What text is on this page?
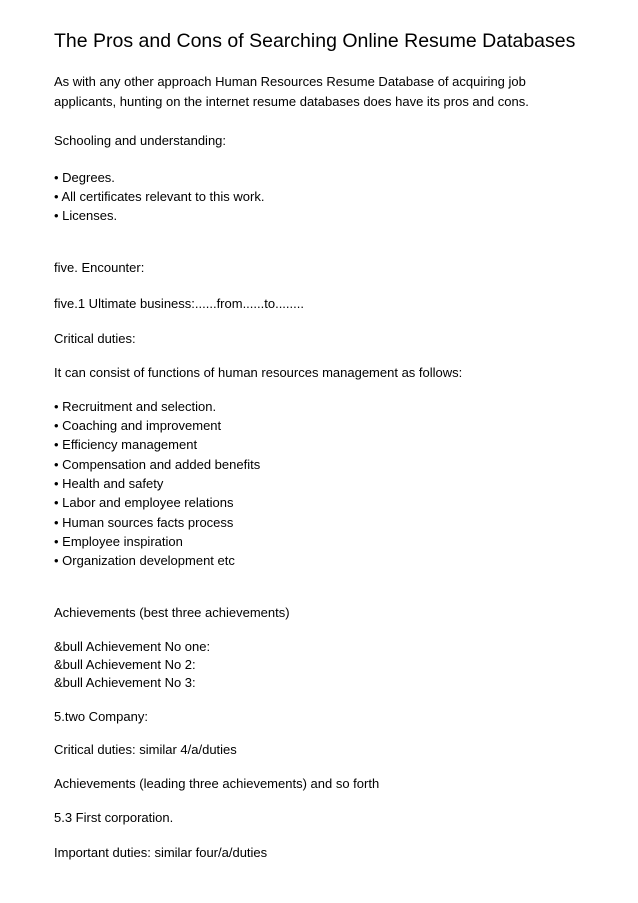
The Pros and Cons of Searching Online Resume Databases

As with any other approach Human Resources Resume Database of acquiring job

applicants, hunting on the internet resume databases does have its pros and cons.

Schooling and understanding:

• Degrees.

• All certificates relevant to this work.

• Licenses.

five. Encounter:

five.1 Ultimate business:......from......to........

Critical duties:

It can consist of functions of human resources management as follows:

• Recruitment and selection.

• Coaching and improvement

• Efficiency management

• Compensation and added benefits

• Health and safety

• Labor and employee relations

• Human sources facts process

• Employee inspiration

• Organization development etc

Achievements (best three achievements)

&bull Achievement No one:

&bull Achievement No 2:

&bull Achievement No 3:

5.two Company:

Critical duties: similar 4/a/duties

Achievements (leading three achievements) and so forth

5.3 First corporation.

Important duties: similar four/a/duties
